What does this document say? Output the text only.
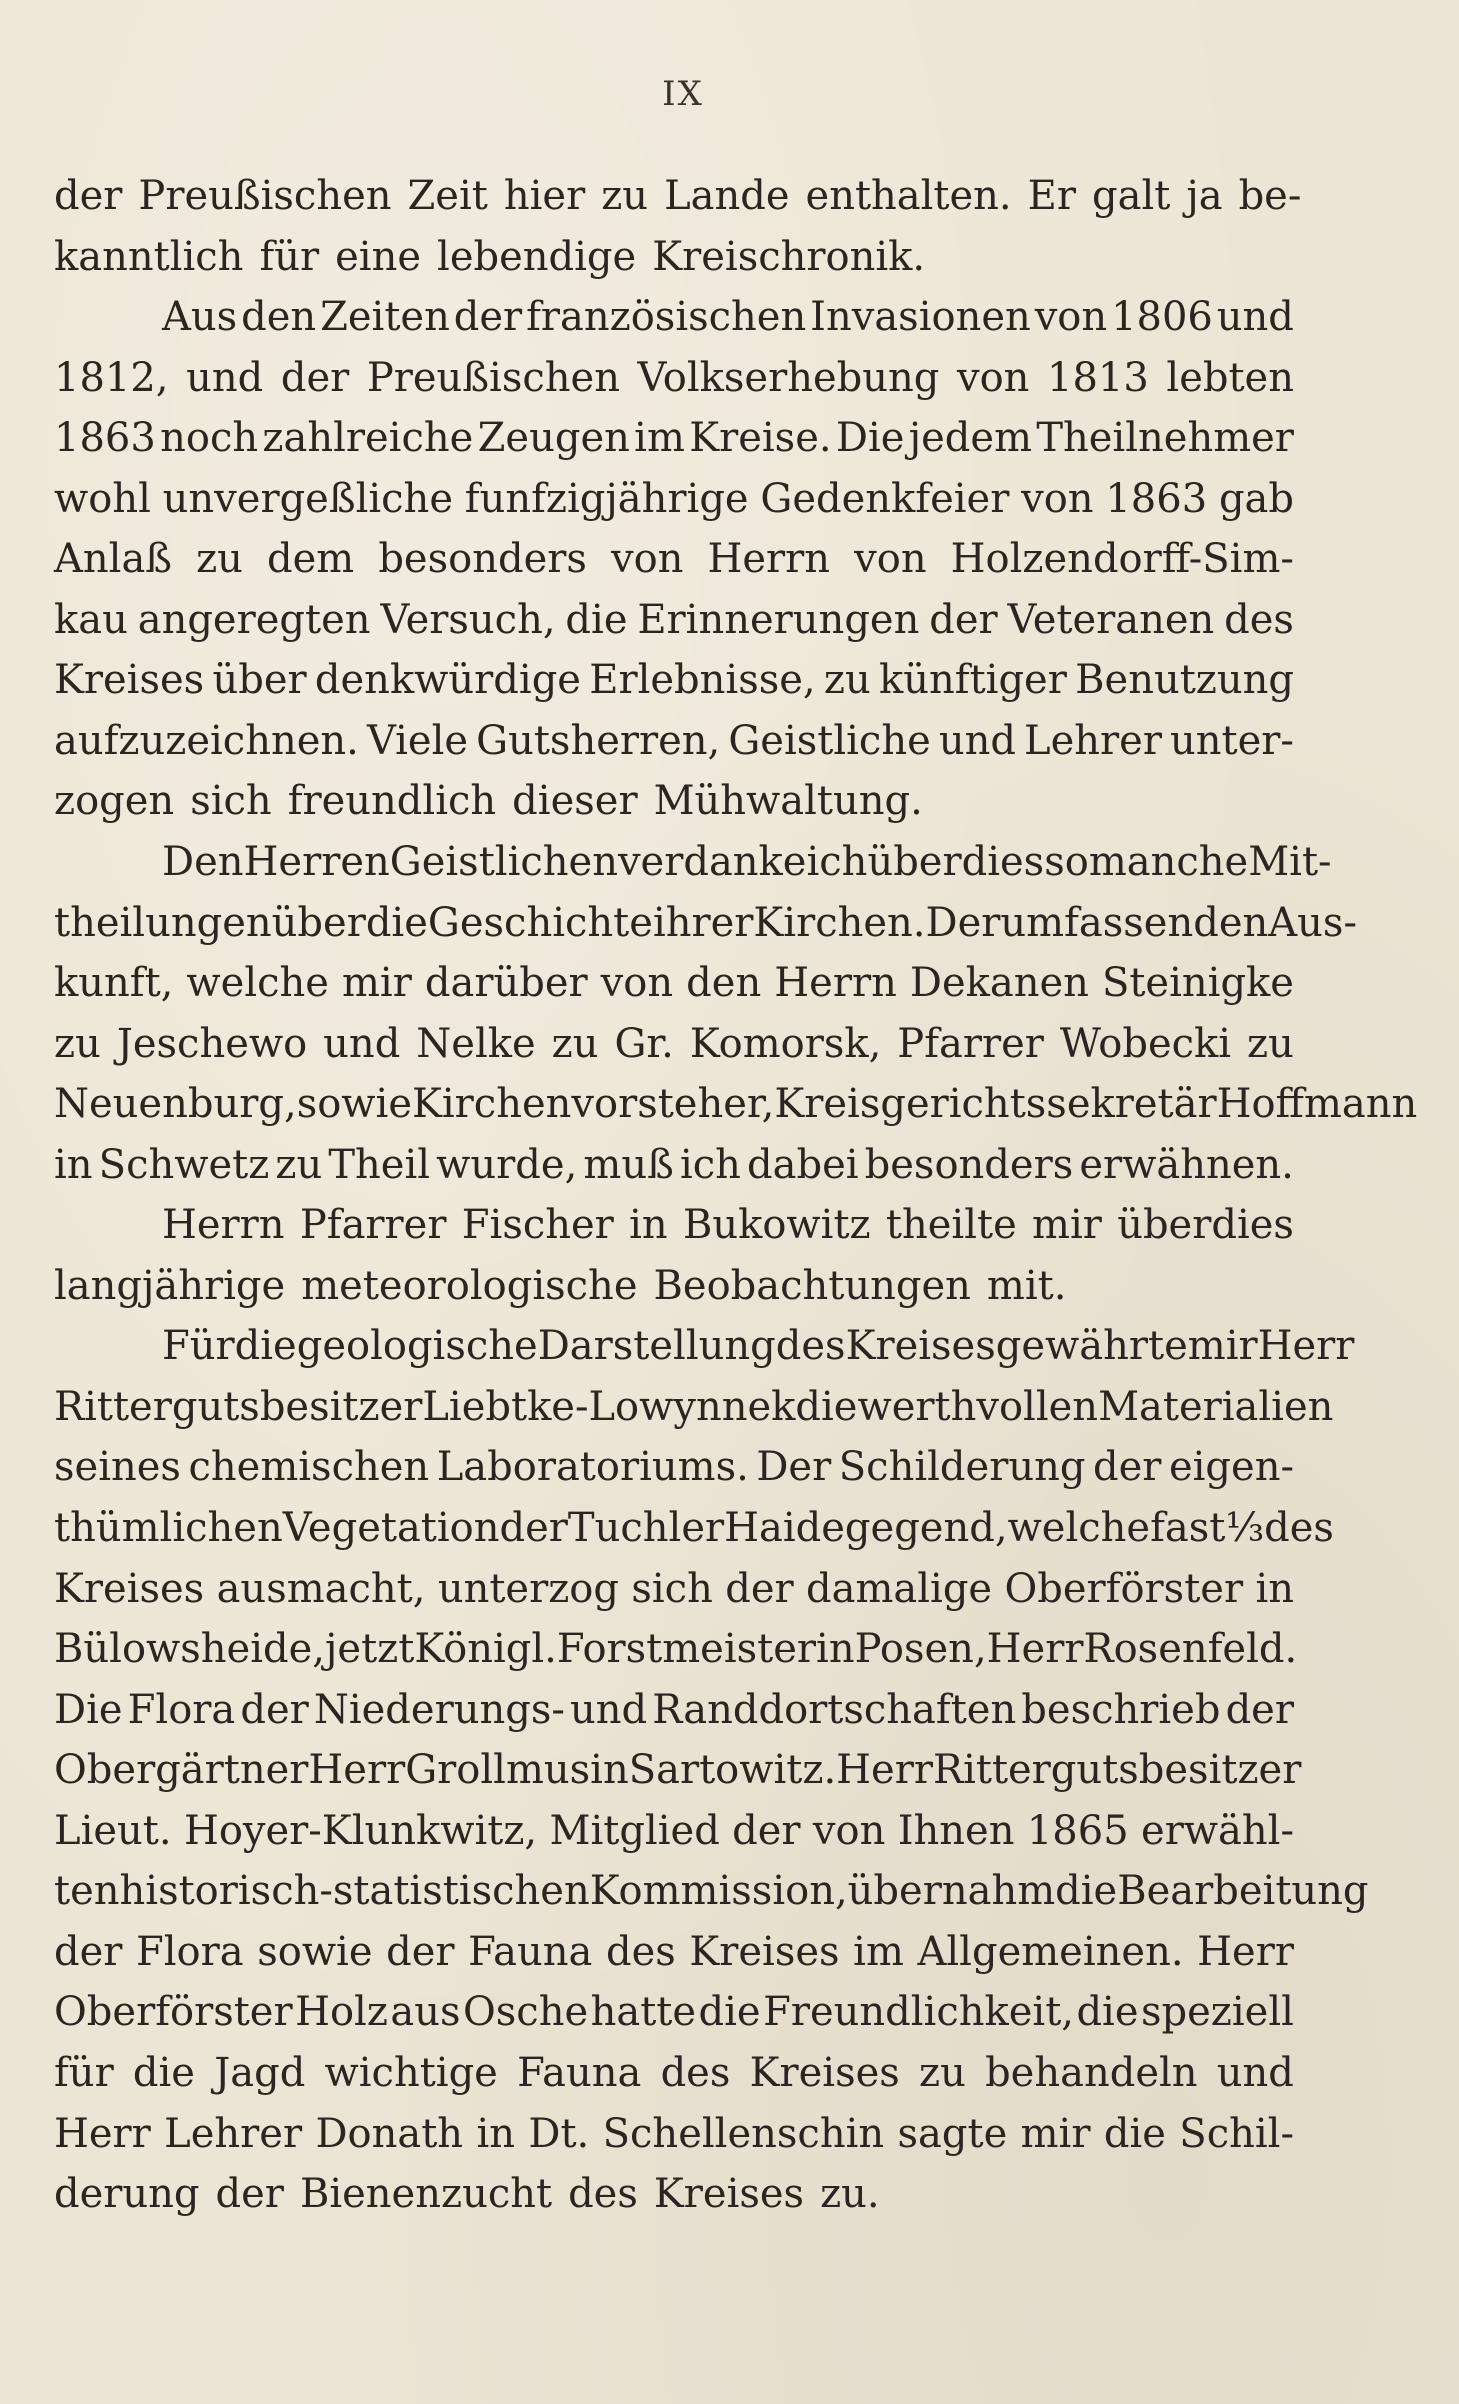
IX
der Preußischen Zeit hier zu Lande enthalten. Er galt ja be-
kanntlich für eine lebendige Kreischronik.
Aus den Zeiten der französischen Invasionen von 1806 und
1812, und der Preußischen Volkserhebung von 1813 lebten
1863 noch zahlreiche Zeugen im Kreise. Die jedem Theilnehmer
wohl unvergeßliche funfzigjährige Gedenkfeier von 1863 gab
Anlaß zu dem besonders von Herrn von Holzendorff-Sim-
kau angeregten Versuch, die Erinnerungen der Veteranen des
Kreises über denkwürdige Erlebnisse, zu künftiger Benutzung
aufzuzeichnen. Viele Gutsherren, Geistliche und Lehrer unter-
zogen sich freundlich dieser Mühwaltung.
Den Herren Geistlichen verdanke ich überdies so manche Mit-
theilungen über die Geschichte ihrer Kirchen. Der umfassenden Aus-
kunft, welche mir darüber von den Herrn Dekanen Steinigke
zu Jeschewo und Nelke zu Gr. Komorsk, Pfarrer Wobecki zu
Neuenburg, sowie Kirchenvorsteher, Kreisgerichtssekretär Hoffmann
in Schwetz zu Theil wurde, muß ich dabei besonders erwähnen.
Herrn Pfarrer Fischer in Bukowitz theilte mir überdies
langjährige meteorologische Beobachtungen mit.
Für die geologische Darstellung des Kreises gewährte mir Herr
Rittergutsbesitzer Liebtke-Lowynnek die werthvollen Materialien
seines chemischen Laboratoriums. Der Schilderung der eigen-
thümlichen Vegetation der Tuchler Haidegegend, welche fast ⅓ des
Kreises ausmacht, unterzog sich der damalige Oberförster in
Bülowsheide, jetzt Königl. Forstmeister in Posen, Herr Rosenfeld.
Die Flora der Niederungs- und Randdortschaften beschrieb der
Obergärtner Herr Grollmus in Sartowitz. Herr Rittergutsbesitzer
Lieut. Hoyer-Klunkwitz, Mitglied der von Ihnen 1865 erwähl-
ten historisch-statistischen Kommission, übernahm die Bearbeitung
der Flora sowie der Fauna des Kreises im Allgemeinen. Herr
Oberförster Holz aus Osche hatte die Freundlichkeit, die speziell
für die Jagd wichtige Fauna des Kreises zu behandeln und
Herr Lehrer Donath in Dt. Schellenschin sagte mir die Schil-
derung der Bienenzucht des Kreises zu.
